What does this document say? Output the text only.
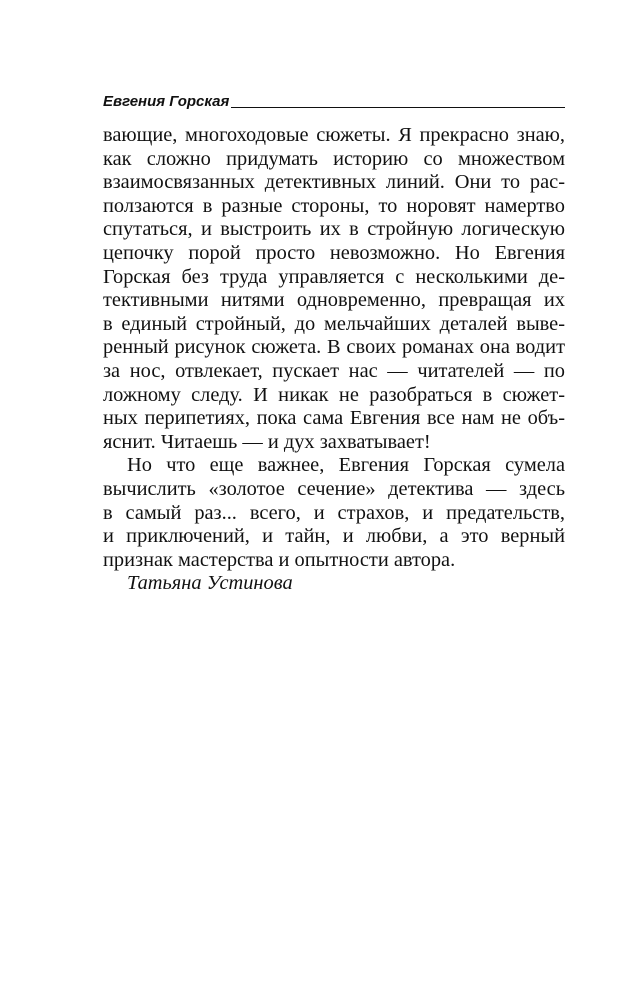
Евгения Горская
вающие, многоходовые сюжеты. Я прекрасно знаю,
как сложно придумать историю со множеством
взаимосвязанных детективных линий. Они то рас-
ползаются в разные стороны, то норовят намертво
спутаться, и выстроить их в стройную логическую
цепочку порой просто невозможно. Но Евгения
Горская без труда управляется с несколькими де-
тективными нитями одновременно, превращая их
в единый стройный, до мельчайших деталей выве-
ренный рисунок сюжета. В своих романах она водит
за нос, отвлекает, пускает нас — читателей — по
ложному следу. И никак не разобраться в сюжет-
ных перипетиях, пока сама Евгения все нам не объ-
яснит. Читаешь — и дух захватывает!
Но что еще важнее, Евгения Горская сумела
вычислить «золотое сечение» детектива — здесь
в самый раз... всего, и страхов, и предательств,
и приключений, и тайн, и любви, а это верный
признак мастерства и опытности автора.
Татьяна Устинова
